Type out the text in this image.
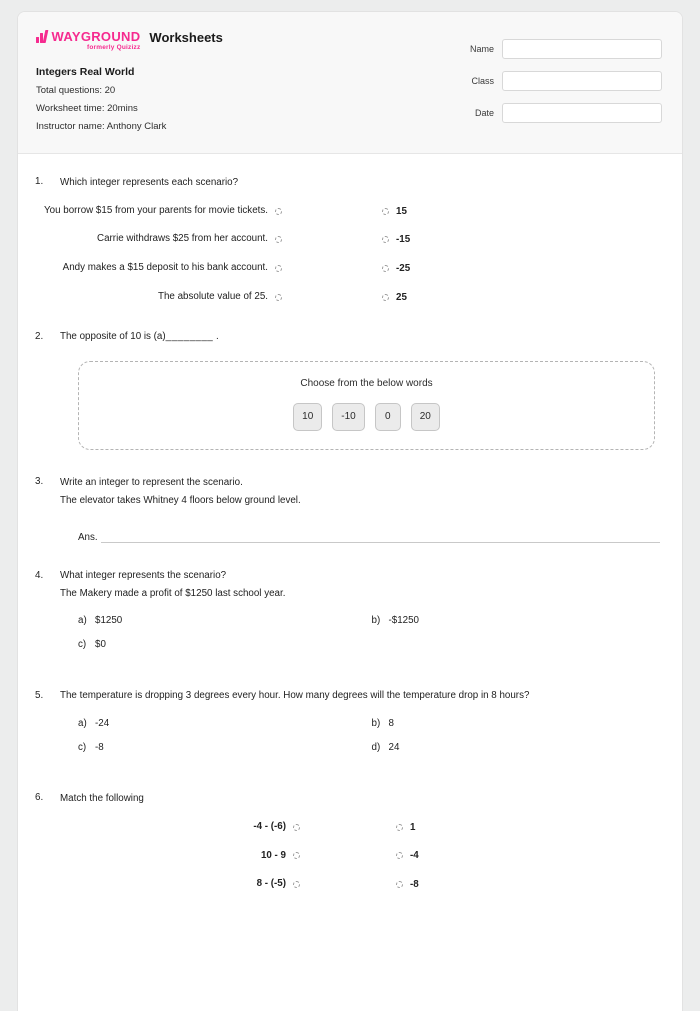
WAYGROUND
formerly Quizizz
Worksheets
Integers Real World
Total questions: 20
Worksheet time: 20mins
Instructor name: Anthony Clark
Name
Class
Date
1.	Which integer represents each scenario?
You borrow $15 from your parents for movie tickets.	15
Carrie withdraws $25 from her account.	-15
Andy makes a $15 deposit to his bank account.	-25
The absolute value of 25.	25
2.	The opposite of 10 is (a)________ .
Choose from the below words
10	-10	0	20
3.	Write an integer to represent the scenario.
The elevator takes Whitney 4 floors below ground level.
Ans.
4.	What integer represents the scenario?
The Makery made a profit of $1250 last school year.
a) $1250	b) -$1250
c) $0
5.	The temperature is dropping 3 degrees every hour. How many degrees will the temperature drop in 8 hours?
a) -24	b) 8
c) -8	d) 24
6.	Match the following
-4 - (-6)	1
10 - 9	-4
8 - (-5)	-8
